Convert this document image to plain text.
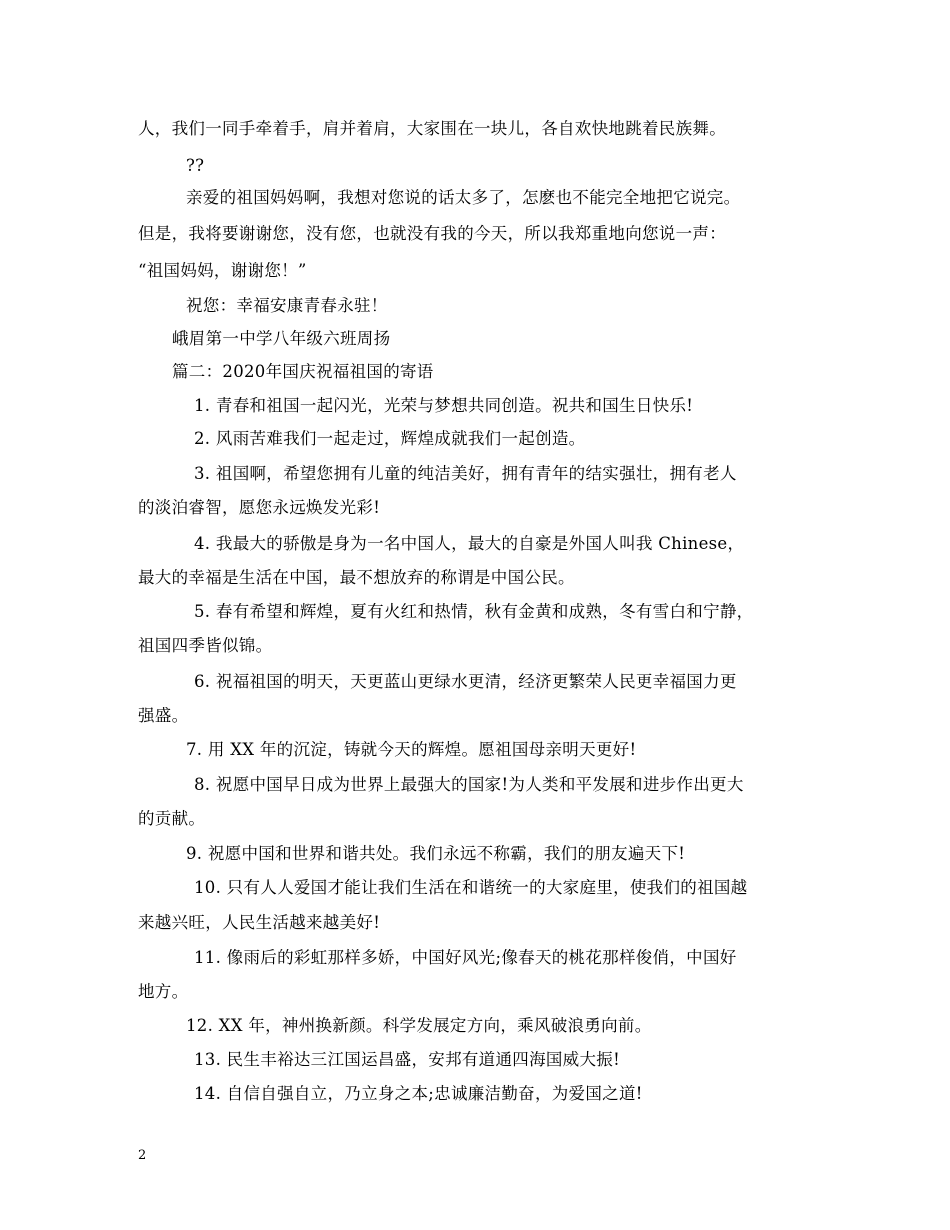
人，我们一同手牵着手，肩并着肩，大家围在一块儿，各自欢快地跳着民族舞。
??
亲爱的祖国妈妈啊，我想对您说的话太多了，怎麽也不能完全地把它说完。
但是，我将要谢谢您，没有您，也就没有我的今天，所以我郑重地向您说一声：
“祖国妈妈，谢谢您！”
祝您：幸福安康青春永驻！
峨眉第一中学八年级六班周扬
篇二：2020年国庆祝福祖国的寄语
1. 青春和祖国一起闪光，光荣与梦想共同创造。祝共和国生日快乐!
2. 风雨苦难我们一起走过，辉煌成就我们一起创造。
3. 祖国啊，希望您拥有儿童的纯洁美好，拥有青年的结实强壮，拥有老人
的淡泊睿智，愿您永远焕发光彩!
4. 我最大的骄傲是身为一名中国人，最大的自豪是外国人叫我 Chinese，
最大的幸福是生活在中国，最不想放弃的称谓是中国公民。
5. 春有希望和辉煌，夏有火红和热情，秋有金黄和成熟，冬有雪白和宁静，
祖国四季皆似锦。
6. 祝福祖国的明天，天更蓝山更绿水更清，经济更繁荣人民更幸福国力更
强盛。
7. 用 XX 年的沉淀，铸就今天的辉煌。愿祖国母亲明天更好!
8. 祝愿中国早日成为世界上最强大的国家!为人类和平发展和进步作出更大
的贡献。
9. 祝愿中国和世界和谐共处。我们永远不称霸，我们的朋友遍天下!
10. 只有人人爱国才能让我们生活在和谐统一的大家庭里，使我们的祖国越
来越兴旺，人民生活越来越美好!
11. 像雨后的彩虹那样多娇，中国好风光;像春天的桃花那样俊俏，中国好
地方。
12. XX 年，神州换新颜。科学发展定方向，乘风破浪勇向前。
13. 民生丰裕达三江国运昌盛，安邦有道通四海国威大振!
14. 自信自强自立，乃立身之本;忠诚廉洁勤奋，为爱国之道!
2
